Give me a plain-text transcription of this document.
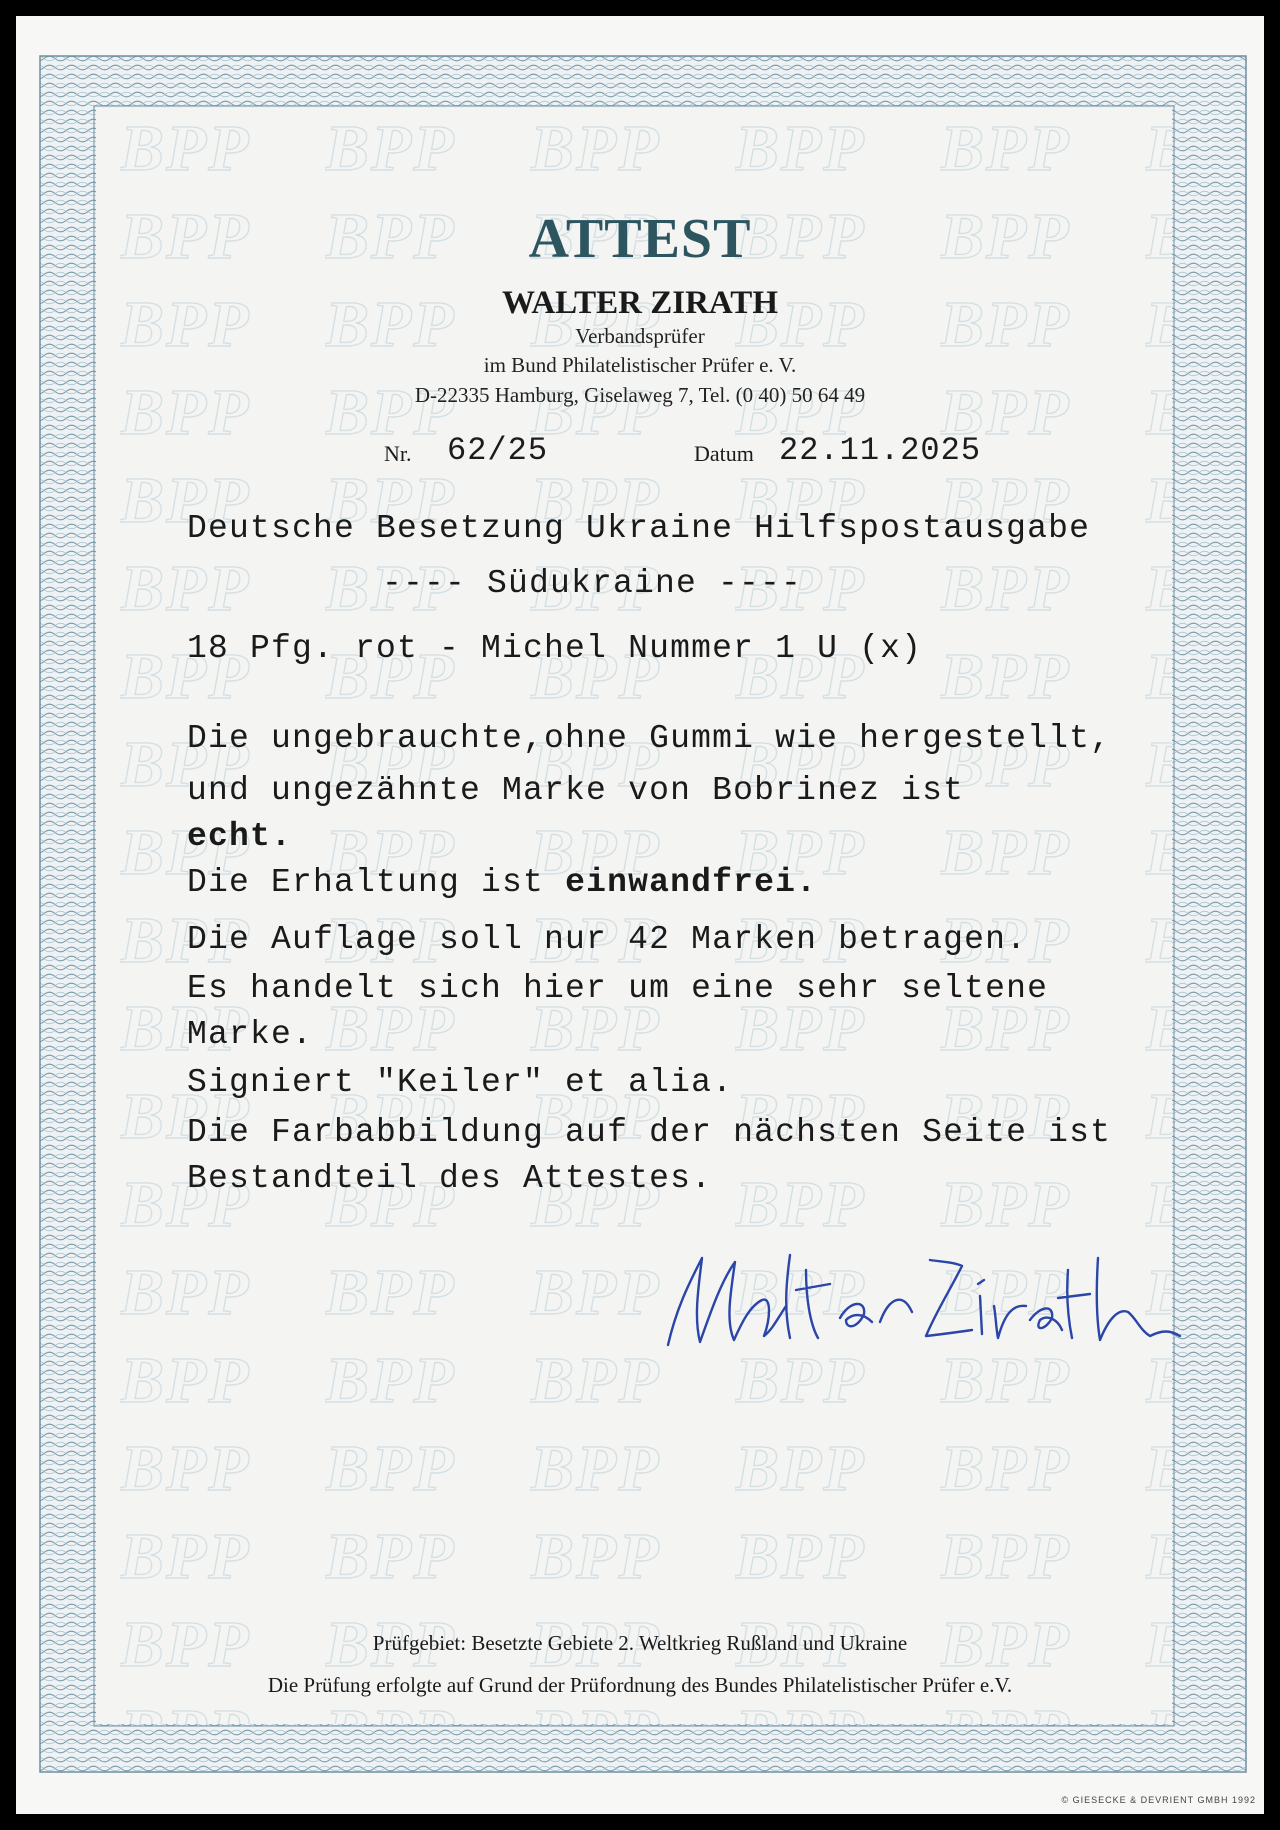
ATTEST
WALTER ZIRATH
Verbandsprüfer
im Bund Philatelistischer Prüfer e. V.
D-22335 Hamburg, Giselaweg 7, Tel. (0 40) 50 64 49
Nr. 62/25	Datum 22.11.2025
Deutsche Besetzung Ukraine Hilfspostausgabe
---- Südukraine ----
18 Pfg. rot - Michel Nummer 1 U (x)
Die ungebrauchte,ohne Gummi wie hergestellt,
und ungezähnte Marke von Bobrinez ist
echt.
Die Erhaltung ist einwandfrei.
Die Auflage soll nur 42 Marken betragen.
Es handelt sich hier um eine sehr seltene
Marke.
Signiert "Keiler" et alia.
Die Farbabbildung auf der nächsten Seite ist
Bestandteil des Attestes.
Prüfgebiet: Besetzte Gebiete 2. Weltkrieg Rußland und Ukraine
Die Prüfung erfolgte auf Grund der Prüfordnung des Bundes Philatelistischer Prüfer e.V.
© GIESECKE & DEVRIENT GMBH 1992
